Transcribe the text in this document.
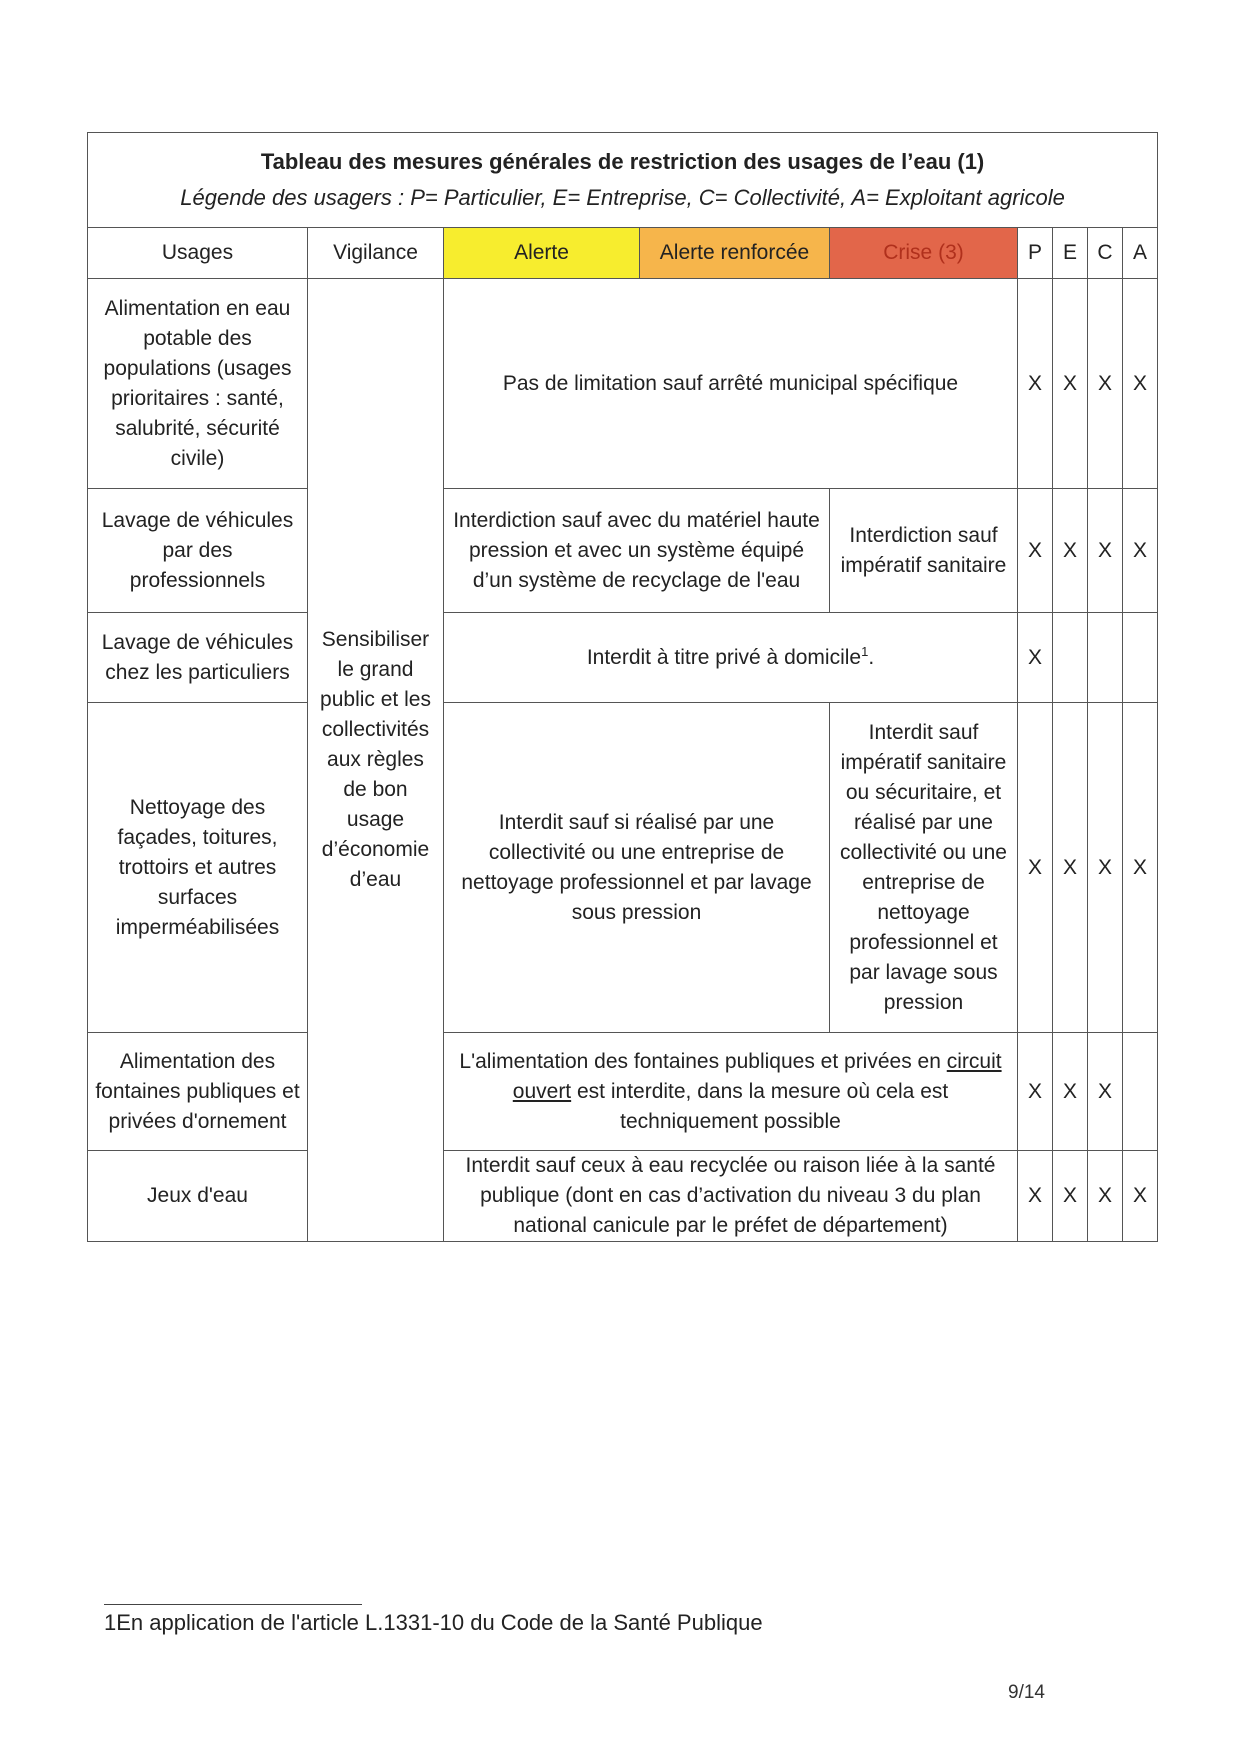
Tableau des mesures générales de restriction des usages de l’eau (1)
Légende des usagers : P= Particulier, E= Entreprise, C= Collectivité, A= Exploitant agricole								

Usages	Vigilance	Alerte	Alerte renforcée	Crise (3)	P	E	C	A
Alimentation en eau potable des populations (usages prioritaires : santé, salubrité, sécurité civile)	Sensibiliser le grand public et les collectivités aux règles de bon usage d’économie d’eau	Pas de limitation sauf arrêté municipal spécifique			X	X	X	X
Lavage de véhicules par des professionnels		Interdiction sauf avec du matériel haute pression et avec un système équipé d’un système de recyclage de l'eau		Interdiction sauf impératif sanitaire	X	X	X	X
Lavage de véhicules chez les particuliers		Interdit à titre privé à domicile$^1$.			X			
Nettoyage des façades, toitures, trottoirs et autres surfaces imperméabilisées		Interdit sauf si réalisé par une collectivité ou une entreprise de nettoyage professionnel et par lavage sous pression		Interdit sauf impératif sanitaire ou sécuritaire, et réalisé par une collectivité ou une entreprise de nettoyage professionnel et par lavage sous pression	X	X	X	X
Alimentation des fontaines publiques et privées d'ornement		L'alimentation des fontaines publiques et privées en circuit ouvert est interdite, dans la mesure où cela est techniquement possible			X	X	X	
Jeux d'eau		Interdit sauf ceux à eau recyclée ou raison liée à la santé publique (dont en cas d’activation du niveau 3 du plan national canicule par le préfet de département)			X	X	X	X
1En application de l'article L.1331-10 du Code de la Santé Publique
9/14
